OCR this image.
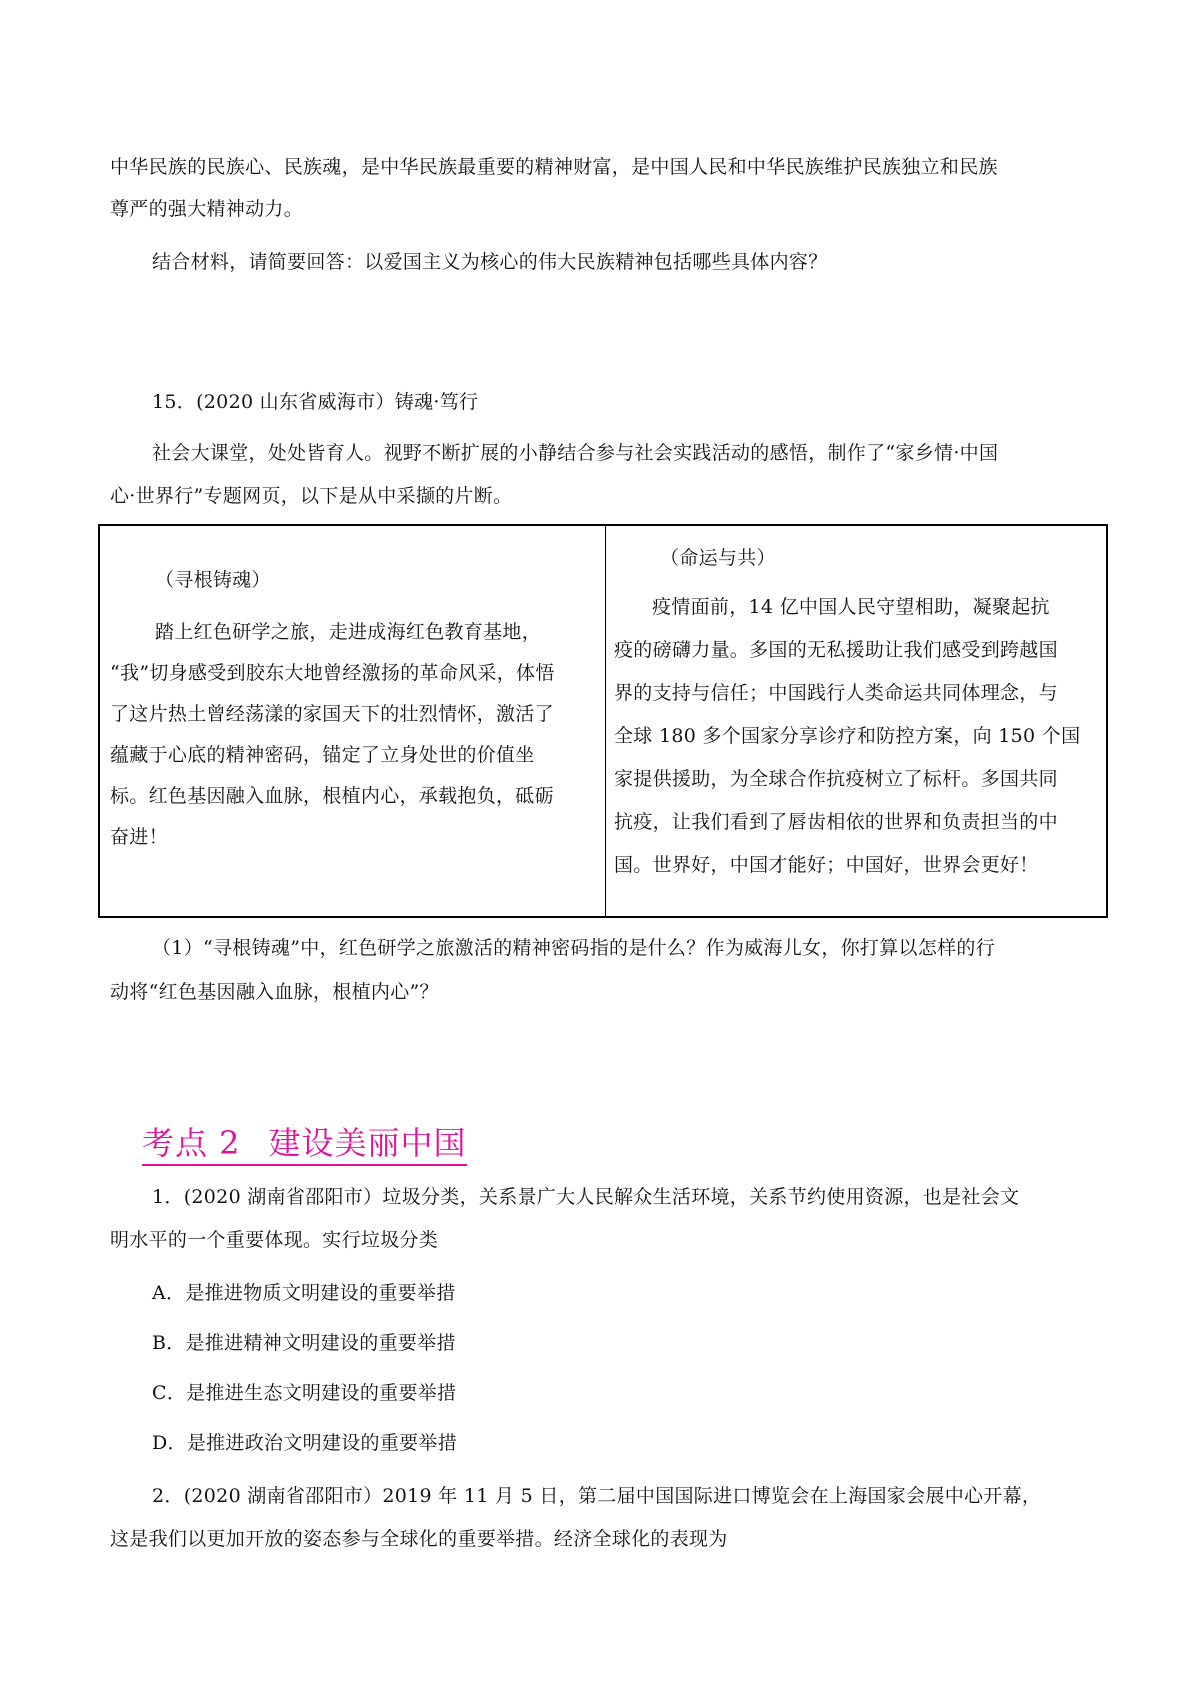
中华民族的民族心、民族魂，是中华民族最重要的精神财富，是中国人民和中华民族维护民族独立和民族
尊严的强大精神动力。
结合材料，请简要回答：以爱国主义为核心的伟大民族精神包括哪些具体内容？
15．(2020 山东省威海市）铸魂·笃行
社会大课堂，处处皆育人。视野不断扩展的小静结合参与社会实践活动的感悟，制作了“家乡情·中国
心·世界行”专题网页，以下是从中采撷的片断。
（寻根铸魂）
踏上红色研学之旅，走进成海红色教育基地，
“我”切身感受到胶东大地曾经激扬的革命风采，体悟
了这片热土曾经荡漾的家国天下的壮烈情怀，激活了
蕴藏于心底的精神密码，锚定了立身处世的价值坐
标。红色基因融入血脉，根植内心，承载抱负，砥砺
奋进！
（命运与共）
疫情面前，14 亿中国人民守望相助，凝聚起抗
疫的磅礴力量。多国的无私援助让我们感受到跨越国
界的支持与信任；中国践行人类命运共同体理念，与
全球 180 多个国家分享诊疗和防控方案，向 150 个国
家提供援助，为全球合作抗疫树立了标杆。多国共同
抗疫，让我们看到了唇齿相依的世界和负责担当的中
国。世界好，中国才能好；中国好，世界会更好！
（1）“寻根铸魂”中，红色研学之旅激活的精神密码指的是什么？作为威海儿女，你打算以怎样的行
动将“红色基因融入血脉，根植内心”？
考点 2 建设美丽中国
1．(2020 湖南省邵阳市）垃圾分类，关系景广大人民解众生活环境，关系节约使用资源，也是社会文
明水平的一个重要体现。实行垃圾分类
A．是推进物质文明建设的重要举措
B．是推进精神文明建设的重要举措
C．是推进生态文明建设的重要举措
D．是推进政治文明建设的重要举措
2．(2020 湖南省邵阳市）2019 年 11 月 5 日，第二届中国国际进口博览会在上海国家会展中心开幕，
这是我们以更加开放的姿态参与全球化的重要举措。经济全球化的表现为
